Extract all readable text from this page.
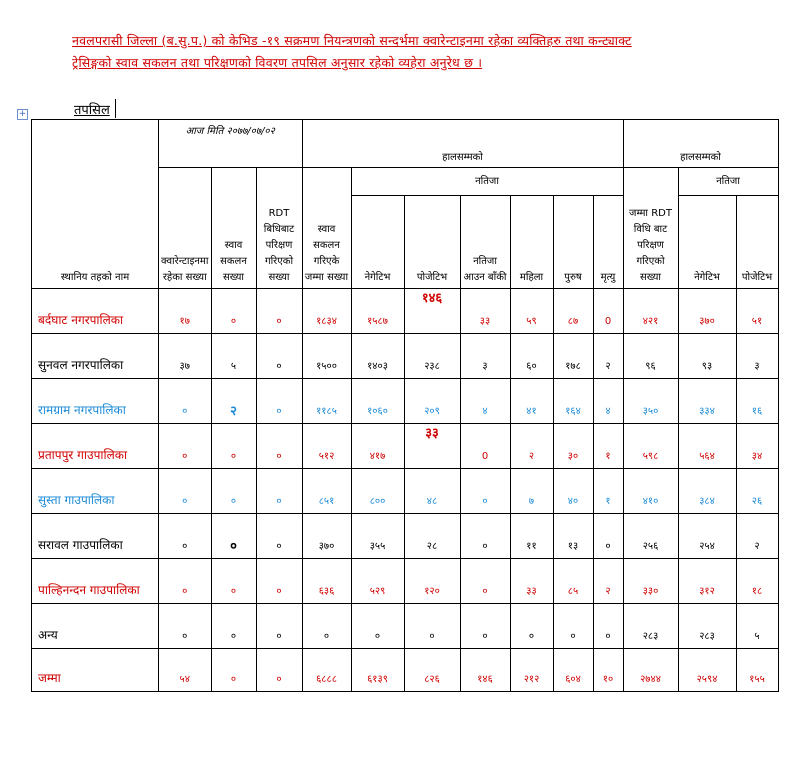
नवलपरासी जिल्ला (ब.सु.प.) को केभिड -१९ सक्रमण नियन्त्रणको सन्दर्भमा क्वारेन्टाइनमा रहेका व्यक्तिहरु तथा कन्ट्याक्ट
ट्रेसिङ्गको स्वाव सकलन तथा परिक्षणको विवरण तपसिल अनुसार रहेको व्यहेरा अनुरेध छ ।
+	तपसिल
स्थानिय तहको नाम	आज मिति २०७७/०७/०२			हालसम्मको							हालसम्मको		
	क्वारेन्टाइनमा रहेका सख्या	स्वाव सकलन सख्या	RDT बिधिबाट परिक्षण गरिएको सख्या	स्वाव सकलन गरिएके जम्मा सख्या	नतिजा						जम्मा RDT विधि बाट परिक्षण गरिएको सख्या	नतिजा	

					नेगेटिभ	पोजेटिभ	नतिजा आउन बाँकी	महिला	पुरुष	मृत्यु		नेगेटिभ	पोजेटिभ
बर्दघाट नगरपालिका	१७	०	०	१८३४	१५८७	१४६	३३	५९	८७	0	४२१	३७०	५१
सुनवल नगरपालिका	३७	५	०	१५००	१४०३	२३८	३	६०	१७८	२	९६	९३	३
रामग्राम नगरपालिका	०	२	०	११८५	१०६०	२०९	४	४१	१६४	४	३५०	३३४	१६
प्रतापपुर गाउपालिका	०	०	०	५१२	४१७	३३	0	२	३०	१	५९८	५६४	३४
सुस्ता गाउपालिका	०	०	०	८५१	८००	४८	०	७	४०	१	४१०	३८४	२६
सरावल गाउपालिका	०	०	०	३७०	३५५	२८	०	११	१३	०	२५६	२५४	२
पाल्हिनन्दन गाउपालिका	०	०	०	६३६	५२९	१२०	०	३३	८५	२	३३०	३१२	१८
अन्य	०	०	०	०	०	०	०	०	०	०	२८३	२८३	५
जम्मा	५४	०	०	६८८८	६१३९	८२६	१४६	२१२	६०४	१०	२७४४	२५९४	१५५
